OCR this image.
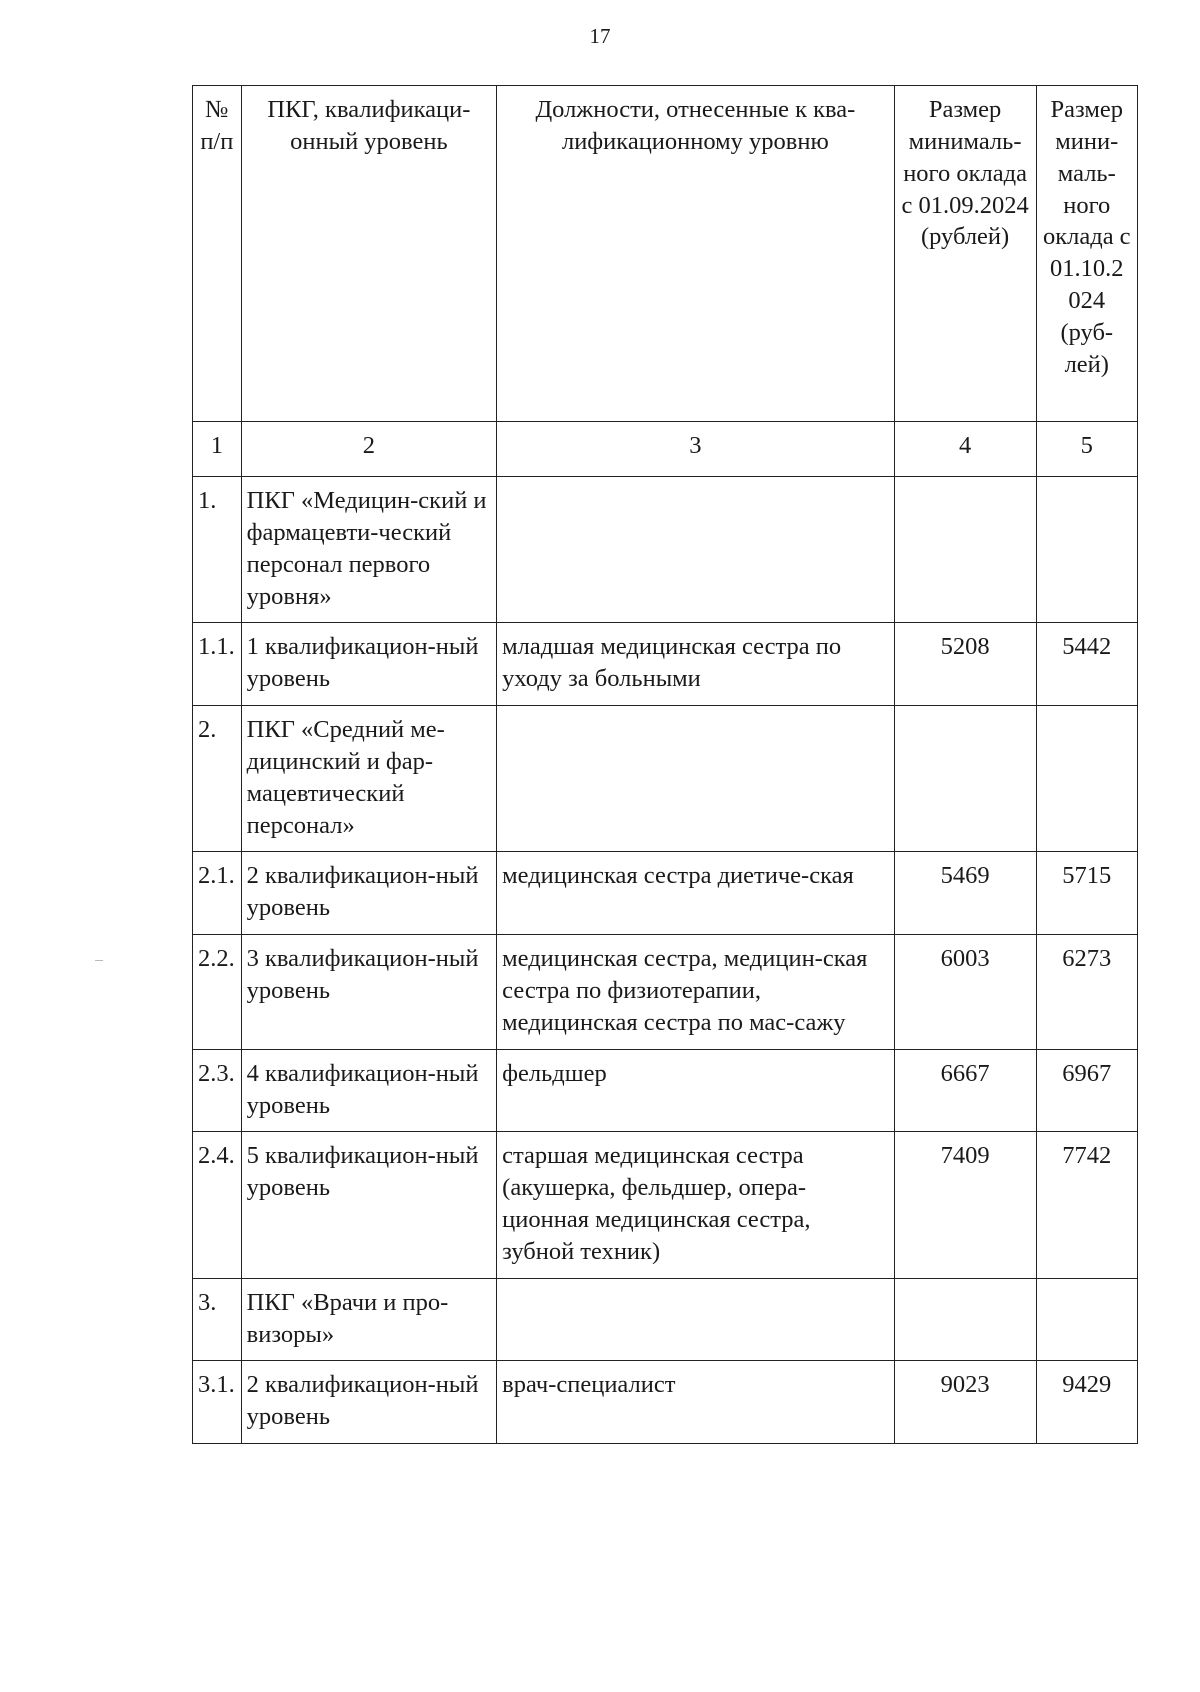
17
№ п/п	ПКГ, квалификаци-онный уровень	Должности, отнесенные к ква-лификационному уровню	Размер минималь-ного оклада с 01.09.2024 (рублей)	Размер мини-маль-ного оклада с 01.10.2 024 (руб-лей)
1	2	3	4	5
1.	ПКГ «Медицин-ский и фармацевти-ческий персонал первого уровня»			
1.1.	1 квалификацион-ный уровень	младшая медицинская сестра по уходу за больными	5208	5442
2.	ПКГ «Средний ме-дицинский и фар-мацевтический персонал»			
2.1.	2 квалификацион-ный уровень	медицинская сестра диетиче-ская	5469	5715
2.2.	3 квалификацион-ный уровень	медицинская сестра, медицин-ская сестра по физиотерапии, медицинская сестра по мас-сажу	6003	6273
2.3.	4 квалификацион-ный уровень	фельдшер	6667	6967
2.4.	5 квалификацион-ный уровень	старшая медицинская сестра (акушерка, фельдшер, опера-ционная медицинская сестра, зубной техник)	7409	7742
3.	ПКГ «Врачи и про-визоры»			
3.1.	2 квалификацион-ный уровень	врач-специалист	9023	9429
